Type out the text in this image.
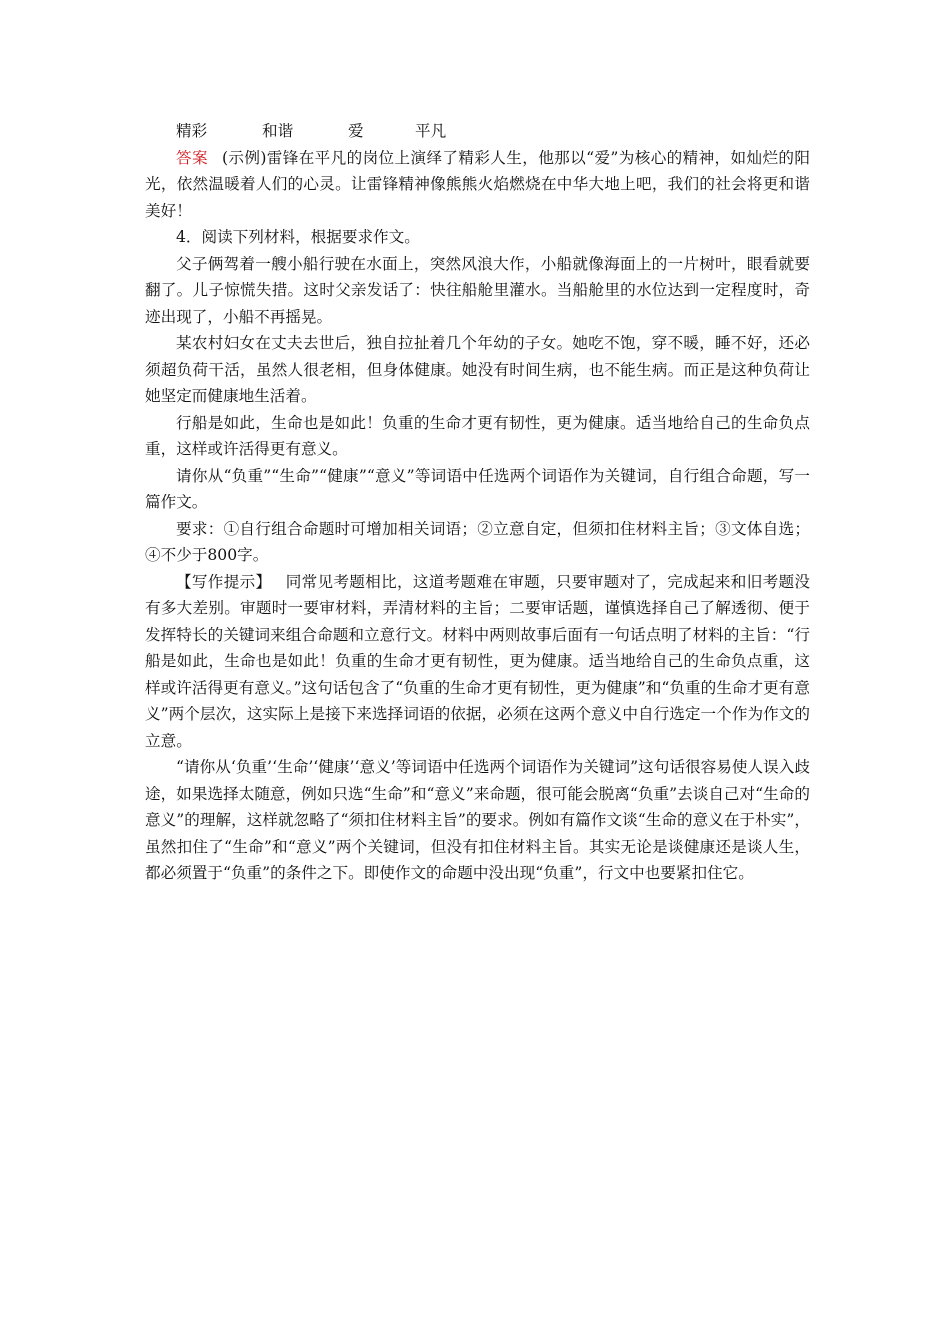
精彩	和谐	爱	平凡

答案 (示例)雷锋在平凡的岗位上演绎了精彩人生，他那以“爱”为核心的精神，如灿烂的阳光，依然温暖着人们的心灵。让雷锋精神像熊熊火焰燃烧在中华大地上吧，我们的社会将更和谐美好！

4．阅读下列材料，根据要求作文。

父子俩驾着一艘小船行驶在水面上，突然风浪大作，小船就像海面上的一片树叶，眼看就要翻了。儿子惊慌失措。这时父亲发话了：快往船舱里灌水。当船舱里的水位达到一定程度时，奇迹出现了，小船不再摇晃。

某农村妇女在丈夫去世后，独自拉扯着几个年幼的子女。她吃不饱，穿不暖，睡不好，还必须超负荷干活，虽然人很老相，但身体健康。她没有时间生病，也不能生病。而正是这种负荷让她坚定而健康地生活着。

行船是如此，生命也是如此！负重的生命才更有韧性，更为健康。适当地给自己的生命负点重，这样或许活得更有意义。

请你从“负重”“生命”“健康”“意义”等词语中任选两个词语作为关键词，自行组合命题，写一篇作文。

要求：①自行组合命题时可增加相关词语；②立意自定，但须扣住材料主旨；③文体自选；④不少于800字。

【写作提示】 同常见考题相比，这道考题难在审题，只要审题对了，完成起来和旧考题没有多大差别。审题时一要审材料，弄清材料的主旨；二要审话题，谨慎选择自己了解透彻、便于发挥特长的关键词来组合命题和立意行文。材料中两则故事后面有一句话点明了材料的主旨：“行船是如此，生命也是如此！负重的生命才更有韧性，更为健康。适当地给自己的生命负点重，这样或许活得更有意义。”这句话包含了“负重的生命才更有韧性，更为健康”和“负重的生命才更有意义”两个层次，这实际上是接下来选择词语的依据，必须在这两个意义中自行选定一个作为作文的立意。

“请你从‘负重’‘生命’‘健康’‘意义’等词语中任选两个词语作为关键词”这句话很容易使人误入歧途，如果选择太随意，例如只选“生命”和“意义”来命题，很可能会脱离“负重”去谈自己对“生命的意义”的理解，这样就忽略了“须扣住材料主旨”的要求。例如有篇作文谈“生命的意义在于朴实”，虽然扣住了“生命”和“意义”两个关键词，但没有扣住材料主旨。其实无论是谈健康还是谈人生，都必须置于“负重”的条件之下。即使作文的命题中没出现“负重”，行文中也要紧扣住它。
